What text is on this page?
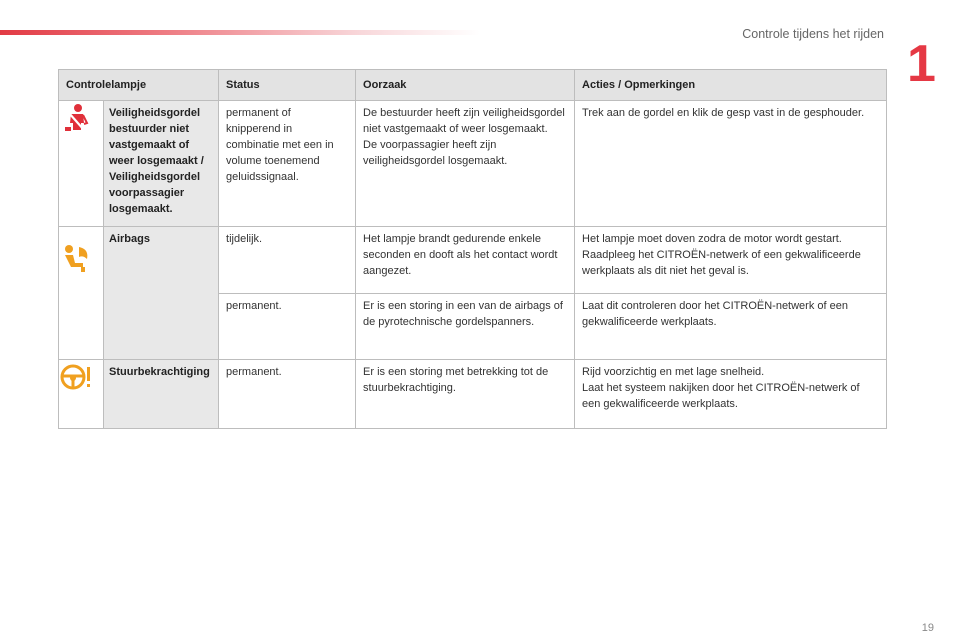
Controle tijdens het rijden
1
Controlelampje		Status	Oorzaak	Acties / Opmerkingen
	Veiligheidsgordel bestuurder niet vastgemaakt of weer losgemaakt / Veiligheidsgordel voorpassagier losgemaakt.	permanent of knipperend in combinatie met een in volume toenemend geluidssignaal.	De bestuurder heeft zijn veiligheidsgordel niet vastgemaakt of weer losgemaakt.
De voorpassagier heeft zijn veiligheidsgordel losgemaakt.	Trek aan de gordel en klik de gesp vast in de gesphouder.
	Airbags	tijdelijk.	Het lampje brandt gedurende enkele seconden en dooft als het contact wordt aangezet.	Het lampje moet doven zodra de motor wordt gestart.
Raadpleeg het CITROËN-netwerk of een gekwalificeerde werkplaats als dit niet het geval is.
		permanent.	Er is een storing in een van de airbags of de pyrotechnische gordelspanners.	Laat dit controleren door het CITROËN-netwerk of een gekwalificeerde werkplaats.
	Stuurbekrachtiging	permanent.	Er is een storing met betrekking tot de stuurbekrachtiging.	Rijd voorzichtig en met lage snelheid.
Laat het systeem nakijken door het CITROËN-netwerk of een gekwalificeerde werkplaats.
19
